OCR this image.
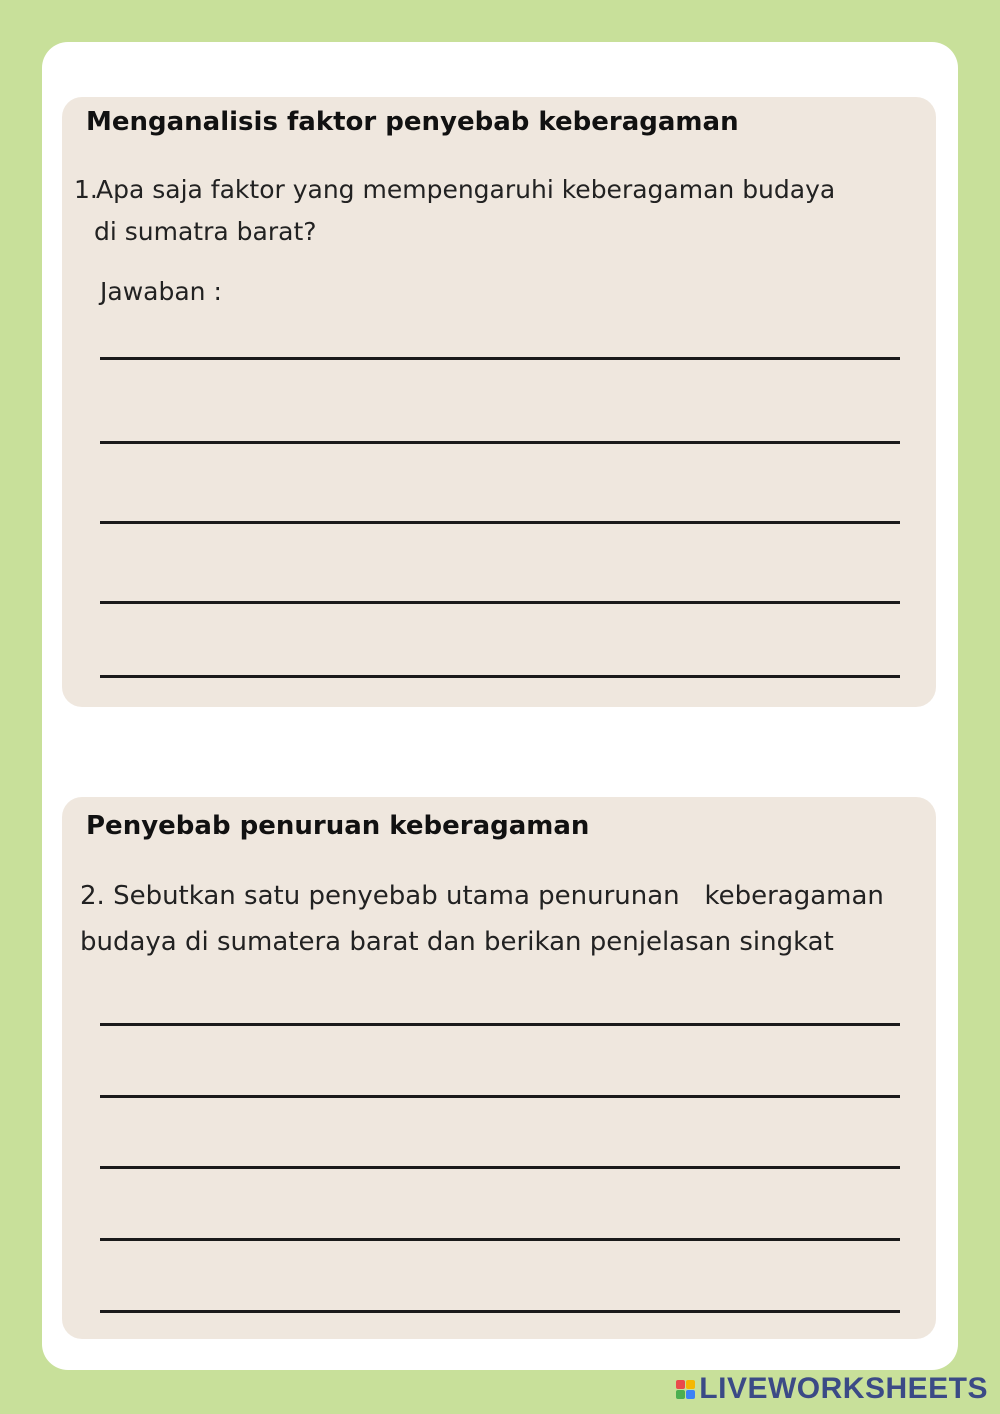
Menganalisis faktor penyebab keberagaman
1.Apa saja faktor yang mempengaruhi keberagaman budaya
di sumatra barat?
Jawaban :
Penyebab penuruan keberagaman
2. Sebutkan satu penyebab utama penurunan   keberagaman
budaya di sumatera barat dan berikan penjelasan singkat
LIVEWORKSHEETS
